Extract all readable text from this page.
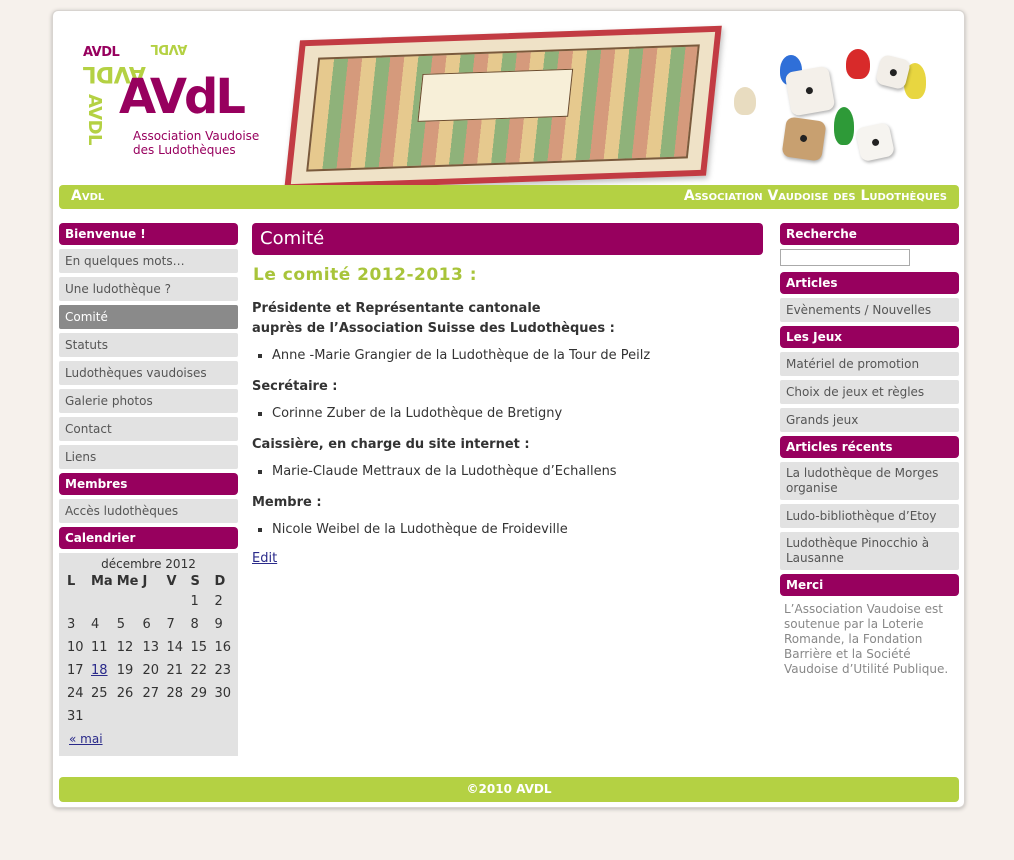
AVDL
AVDL
AVDL
AVDL AVdL
Association Vaudoise
des Ludothèques
Avdl	Association Vaudoise des Ludothèques
Bienvenue !
En quelques mots…
Une ludothèque ?
Comité
Statuts
Ludothèques vaudoises
Galerie photos
Contact
Liens
Membres
Accès ludothèques
Calendrier
décembre 2012
L	Ma	Me	J	V	S	D
					1	2
3	4	5	6	7	8	9
10	11	12	13	14	15	16
17	18	19	20	21	22	23
24	25	26	27	28	29	30
31						
« mai
Comité
Le comité 2012-2013 :
Présidente et Représentante cantonale
auprès de l’Association Suisse des Ludothèques :
▪ Anne -Marie Grangier de la Ludothèque de la Tour de Peilz
Secrétaire :
▪ Corinne Zuber de la Ludothèque de Bretigny
Caissière, en charge du site internet :
▪ Marie-Claude Mettraux de la Ludothèque d’Echallens
Membre :
▪ Nicole Weibel de la Ludothèque de Froideville
Edit
Recherche
Articles
Evènements / Nouvelles
Les Jeux
Matériel de promotion
Choix de jeux et règles
Grands jeux
Articles récents
La ludothèque de Morges organise
Ludo-bibliothèque d’Etoy
Ludothèque Pinocchio à Lausanne
Merci
L’Association Vaudoise est soutenue par la Loterie Romande, la Fondation Barrière et la Société Vaudoise d’Utilité Publique.
©2010 AVDL
